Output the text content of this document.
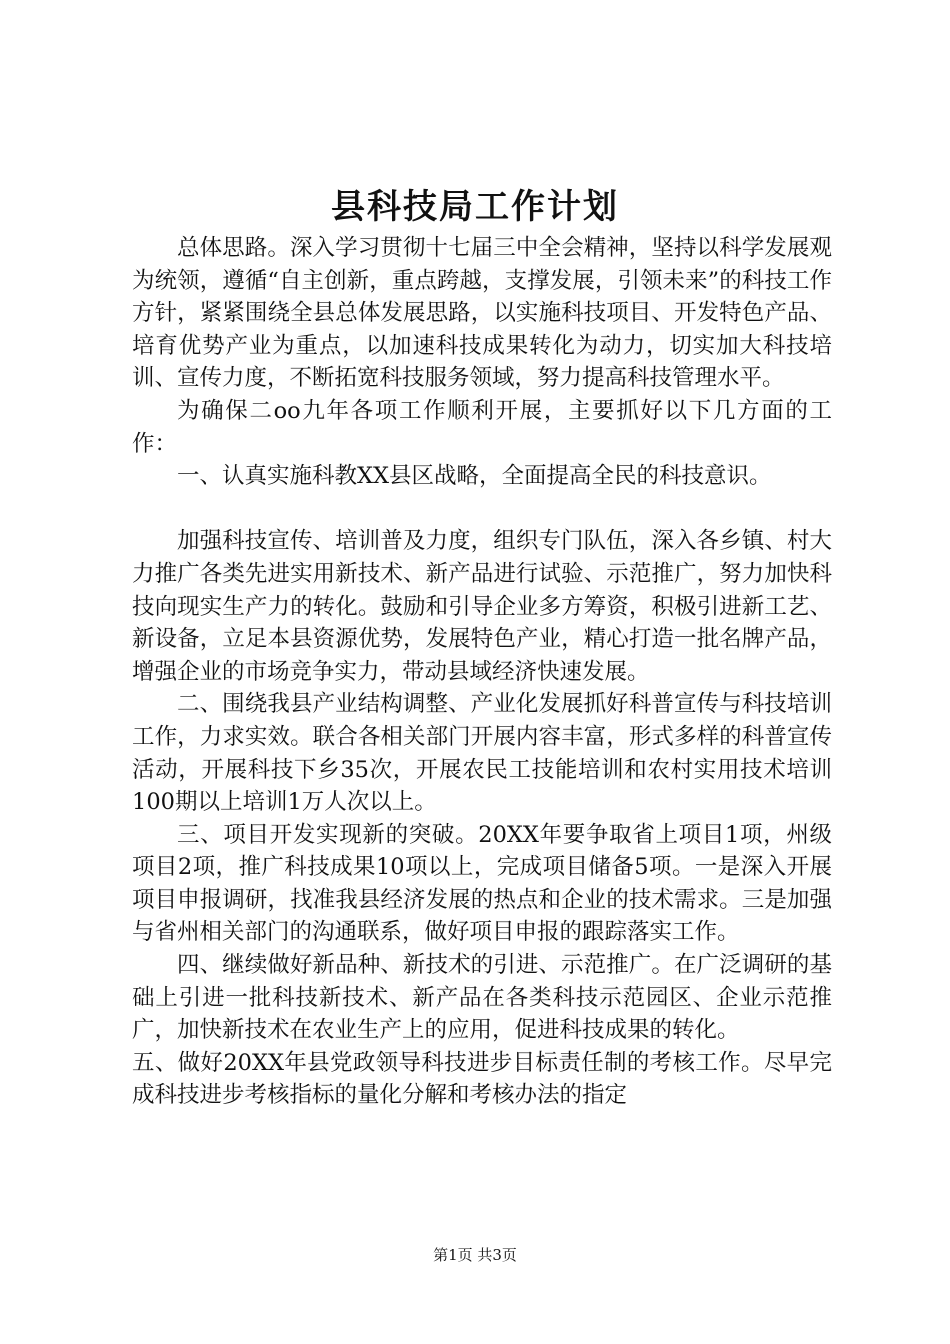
县科技局工作计划

总体思路。深入学习贯彻十七届三中全会精神，坚持以科学发展观为统领，遵循“自主创新，重点跨越，支撑发展，引领未来”的科技工作方针，紧紧围绕全县总体发展思路，以实施科技项目、开发特色产品、培育优势产业为重点，以加速科技成果转化为动力，切实加大科技培训、宣传力度，不断拓宽科技服务领域，努力提高科技管理水平。

为确保二oo九年各项工作顺利开展，主要抓好以下几方面的工作：

一、认真实施科教XX县区战略，全面提高全民的科技意识。

加强科技宣传、培训普及力度，组织专门队伍，深入各乡镇、村大力推广各类先进实用新技术、新产品进行试验、示范推广，努力加快科技向现实生产力的转化。鼓励和引导企业多方筹资，积极引进新工艺、新设备，立足本县资源优势，发展特色产业，精心打造一批名牌产品，增强企业的市场竞争实力，带动县域经济快速发展。

二、围绕我县产业结构调整、产业化发展抓好科普宣传与科技培训工作，力求实效。联合各相关部门开展内容丰富，形式多样的科普宣传活动，开展科技下乡35次，开展农民工技能培训和农村实用技术培训100期以上培训1万人次以上。

三、项目开发实现新的突破。20XX年要争取省上项目1项，州级项目2项，推广科技成果10项以上，完成项目储备5项。一是深入开展项目申报调研，找准我县经济发展的热点和企业的技术需求。三是加强与省州相关部门的沟通联系，做好项目申报的跟踪落实工作。

四、继续做好新品种、新技术的引进、示范推广。在广泛调研的基础上引进一批科技新技术、新产品在各类科技示范园区、企业示范推广，加快新技术在农业生产上的应用，促进科技成果的转化。

五、做好20XX年县党政领导科技进步目标责任制的考核工作。尽早完成科技进步考核指标的量化分解和考核办法的指定

第1页 共3页
